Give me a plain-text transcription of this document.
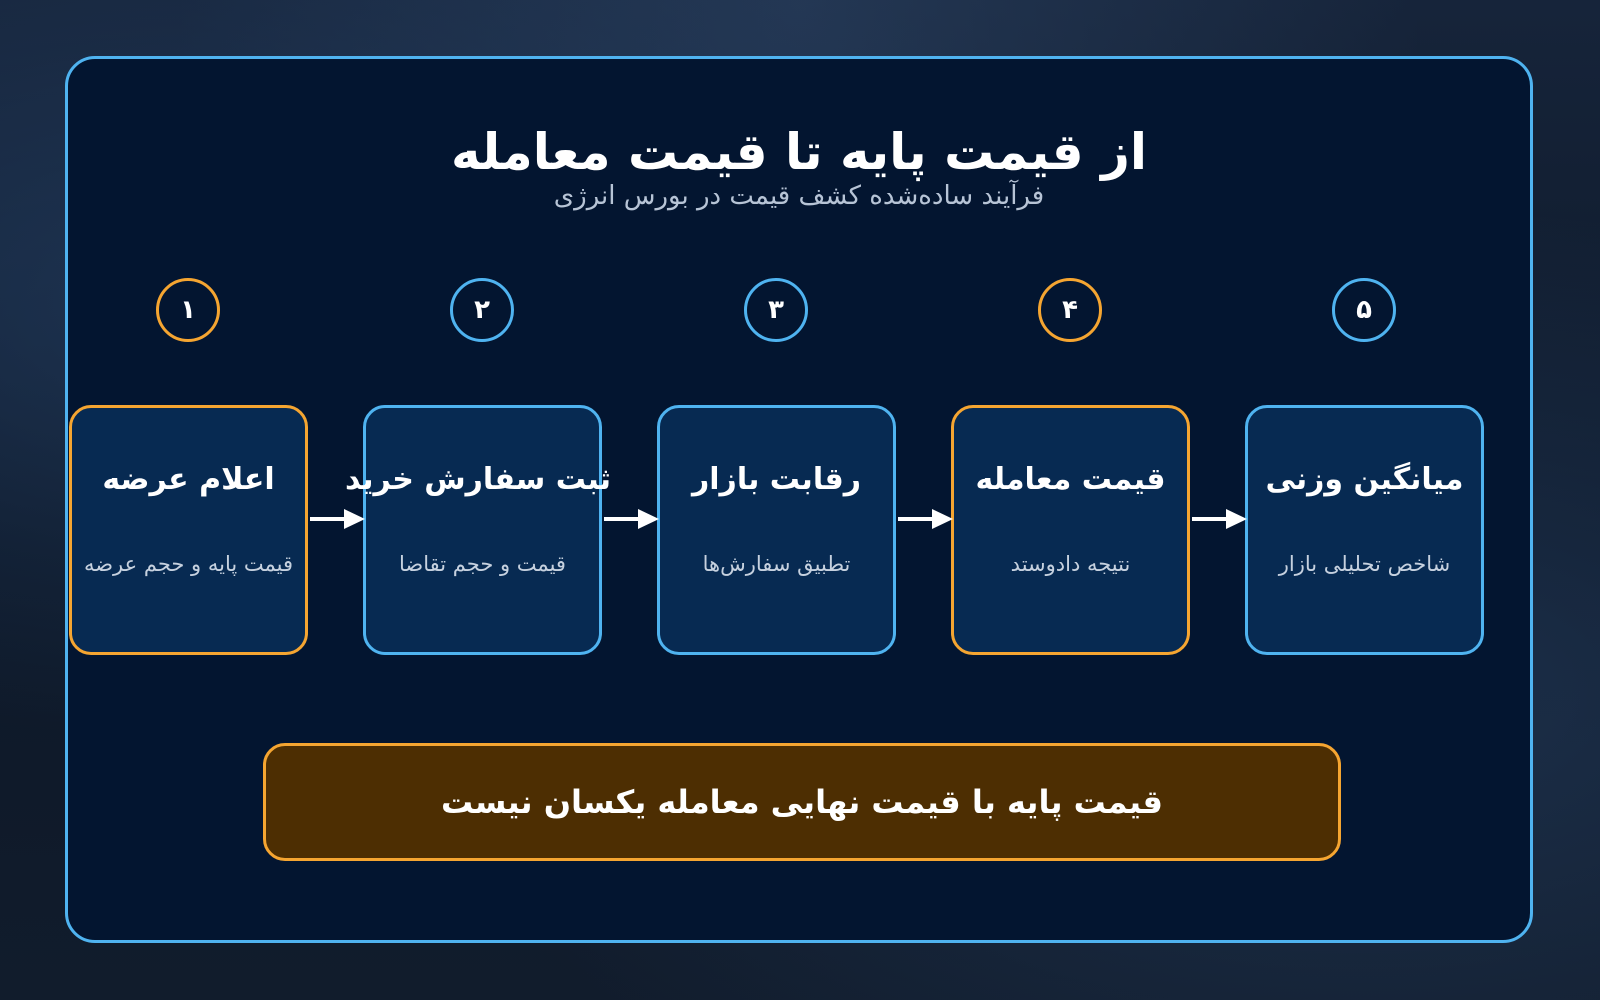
از قیمت پایه تا قیمت معامله
فرآیند ساده‌شده کشف قیمت در بورس انرژی
۱	۲	۳	۴	۵
اعلام عرضه
قیمت پایه و حجم عرضه
ثبت سفارش خرید
قیمت و حجم تقاضا
رقابت بازار
تطبیق سفارش‌ها
قیمت معامله
نتیجه دادوستد
میانگین وزنی
شاخص تحلیلی بازار
قیمت پایه با قیمت نهایی معامله یکسان نیست
